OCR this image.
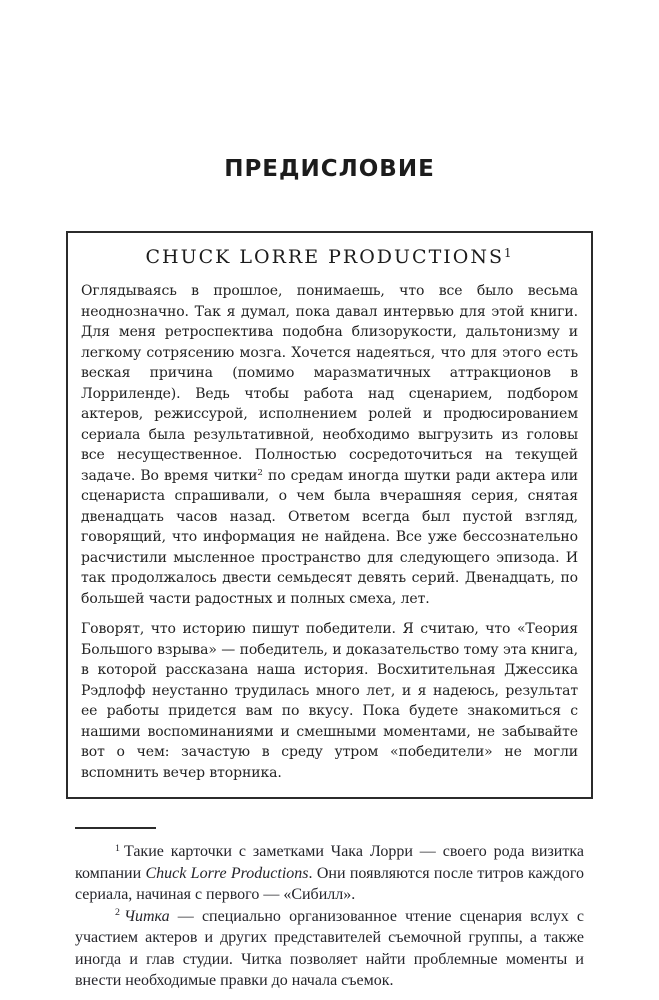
ПРЕДИСЛОВИЕ
CHUCK LORRE PRODUCTIONS$^1$

Оглядываясь в прошлое, понимаешь, что все было весьма неоднозначно. Так я думал, пока давал интервью для этой книги. Для меня ретроспектива подобна близорукости, дальтонизму и легкому сотрясению мозга. Хочется надеяться, что для этого есть веская причина (помимо маразматичных аттракционов в Лорриленде). Ведь чтобы работа над сценарием, подбором актеров, режиссурой, исполнением ролей и продюсированием сериала была результативной, необходимо выгрузить из головы все несущественное. Полностью сосредоточиться на текущей задаче. Во время читки$^2$ по средам иногда шутки ради актера или сценариста спрашивали, о чем была вчерашняя серия, снятая двенадцать часов назад. Ответом всегда был пустой взгляд, говорящий, что информация не найдена. Все уже бессознательно расчистили мысленное пространство для следующего эпизода. И так продолжалось двести семьдесят девять серий. Двенадцать, по большей части радостных и полных смеха, лет.

Говорят, что историю пишут победители. Я считаю, что «Теория Большого взрыва» — победитель, и доказательство тому эта книга, в которой рассказана наша история. Восхитительная Джессика Рэдлофф неустанно трудилась много лет, и я надеюсь, результат ее работы придется вам по вкусу. Пока будете знакомиться с нашими воспоминаниями и смешными моментами, не забывайте вот о чем: зачастую в среду утром «победители» не могли вспомнить вечер вторника.

$^1$ Такие карточки с заметками Чака Лорри — своего рода визитка компании Chuck Lorre Productions. Они появляются после титров каждого сериала, начиная с первого — «Сибилл».

$^2$ Читка — специально организованное чтение сценария вслух с участием актеров и других представителей съемочной группы, а также иногда и глав студии. Читка позволяет найти проблемные моменты и внести необходимые правки до начала съемок.
